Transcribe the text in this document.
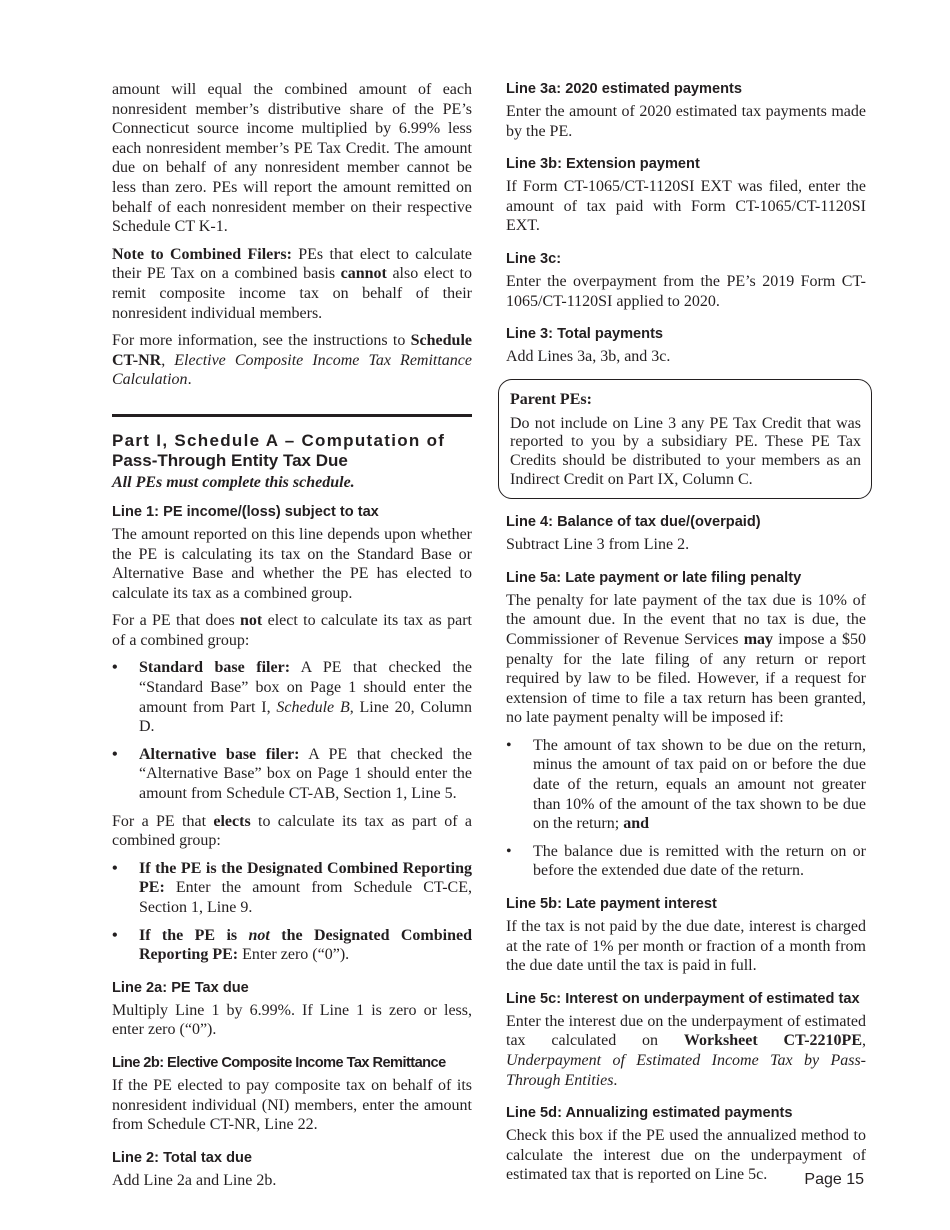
amount will equal the combined amount of each nonresident member’s distributive share of the PE’s Connecticut source income multiplied by 6.99% less each nonresident member’s PE Tax Credit. The amount due on behalf of any nonresident member cannot be less than zero. PEs will report the amount remitted on behalf of each nonresident member on their respective Schedule CT K-1.

Note to Combined Filers: PEs that elect to calculate their PE Tax on a combined basis cannot also elect to remit composite income tax on behalf of their nonresident individual members.

For more information, see the instructions to Schedule CT-NR, Elective Composite Income Tax Remittance Calculation.

Part I, Schedule A – Computation of
Pass-Through Entity Tax Due

All PEs must complete this schedule.

Line 1: PE income/(loss) subject to tax

The amount reported on this line depends upon whether the PE is calculating its tax on the Standard Base or Alternative Base and whether the PE has elected to calculate its tax as a combined group.

For a PE that does not elect to calculate its tax as part of a combined group:

• Standard base filer: A PE that checked the “Standard Base” box on Page 1 should enter the amount from Part I, Schedule B, Line 20, Column D.
• Alternative base filer: A PE that checked the “Alternative Base” box on Page 1 should enter the amount from Schedule CT-AB, Section 1, Line 5.

For a PE that elects to calculate its tax as part of a combined group:

• If the PE is the Designated Combined Reporting PE: Enter the amount from Schedule CT-CE, Section 1, Line 9.
• If the PE is not the Designated Combined Reporting PE: Enter zero (“0”).
Line 2a: PE Tax due

Multiply Line 1 by 6.99%. If Line 1 is zero or less, enter zero (“0”).

Line 2b: Elective Composite Income Tax Remittance

If the PE elected to pay composite tax on behalf of its nonresident individual (NI) members, enter the amount from Schedule CT-NR, Line 22.

Line 2: Total tax due

Add Line 2a and Line 2b.

Line 3a: 2020 estimated payments

Enter the amount of 2020 estimated tax payments made by the PE.

Line 3b: Extension payment

If Form CT-1065/CT-1120SI EXT was filed, enter the amount of tax paid with Form CT-1065/CT-1120SI EXT.

Line 3c:

Enter the overpayment from the PE’s 2019 Form CT-1065/CT-1120SI applied to 2020.

Line 3: Total payments

Add Lines 3a, 3b, and 3c.

Parent PEs:

Do not include on Line 3 any PE Tax Credit that was reported to you by a subsidiary PE. These PE Tax Credits should be distributed to your members as an Indirect Credit on Part IX, Column C.

Line 4: Balance of tax due/(overpaid)

Subtract Line 3 from Line 2.

Line 5a: Late payment or late filing penalty

The penalty for late payment of the tax due is 10% of the amount due. In the event that no tax is due, the Commissioner of Revenue Services may impose a $50 penalty for the late filing of any return or report required by law to be filed. However, if a request for extension of time to file a tax return has been granted, no late payment penalty will be imposed if:

• The amount of tax shown to be due on the return, minus the amount of tax paid on or before the due date of the return, equals an amount not greater than 10% of the amount of the tax shown to be due on the return; and
• The balance due is remitted with the return on or before the extended due date of the return.
Line 5b: Late payment interest

If the tax is not paid by the due date, interest is charged at the rate of 1% per month or fraction of a month from the due date until the tax is paid in full.

Line 5c: Interest on underpayment of estimated tax

Enter the interest due on the underpayment of estimated tax calculated on Worksheet CT-2210PE, Underpayment of Estimated Income Tax by Pass-Through Entities.

Line 5d: Annualizing estimated payments

Check this box if the PE used the annualized method to calculate the interest due on the underpayment of estimated tax that is reported on Line 5c.	Page 15
